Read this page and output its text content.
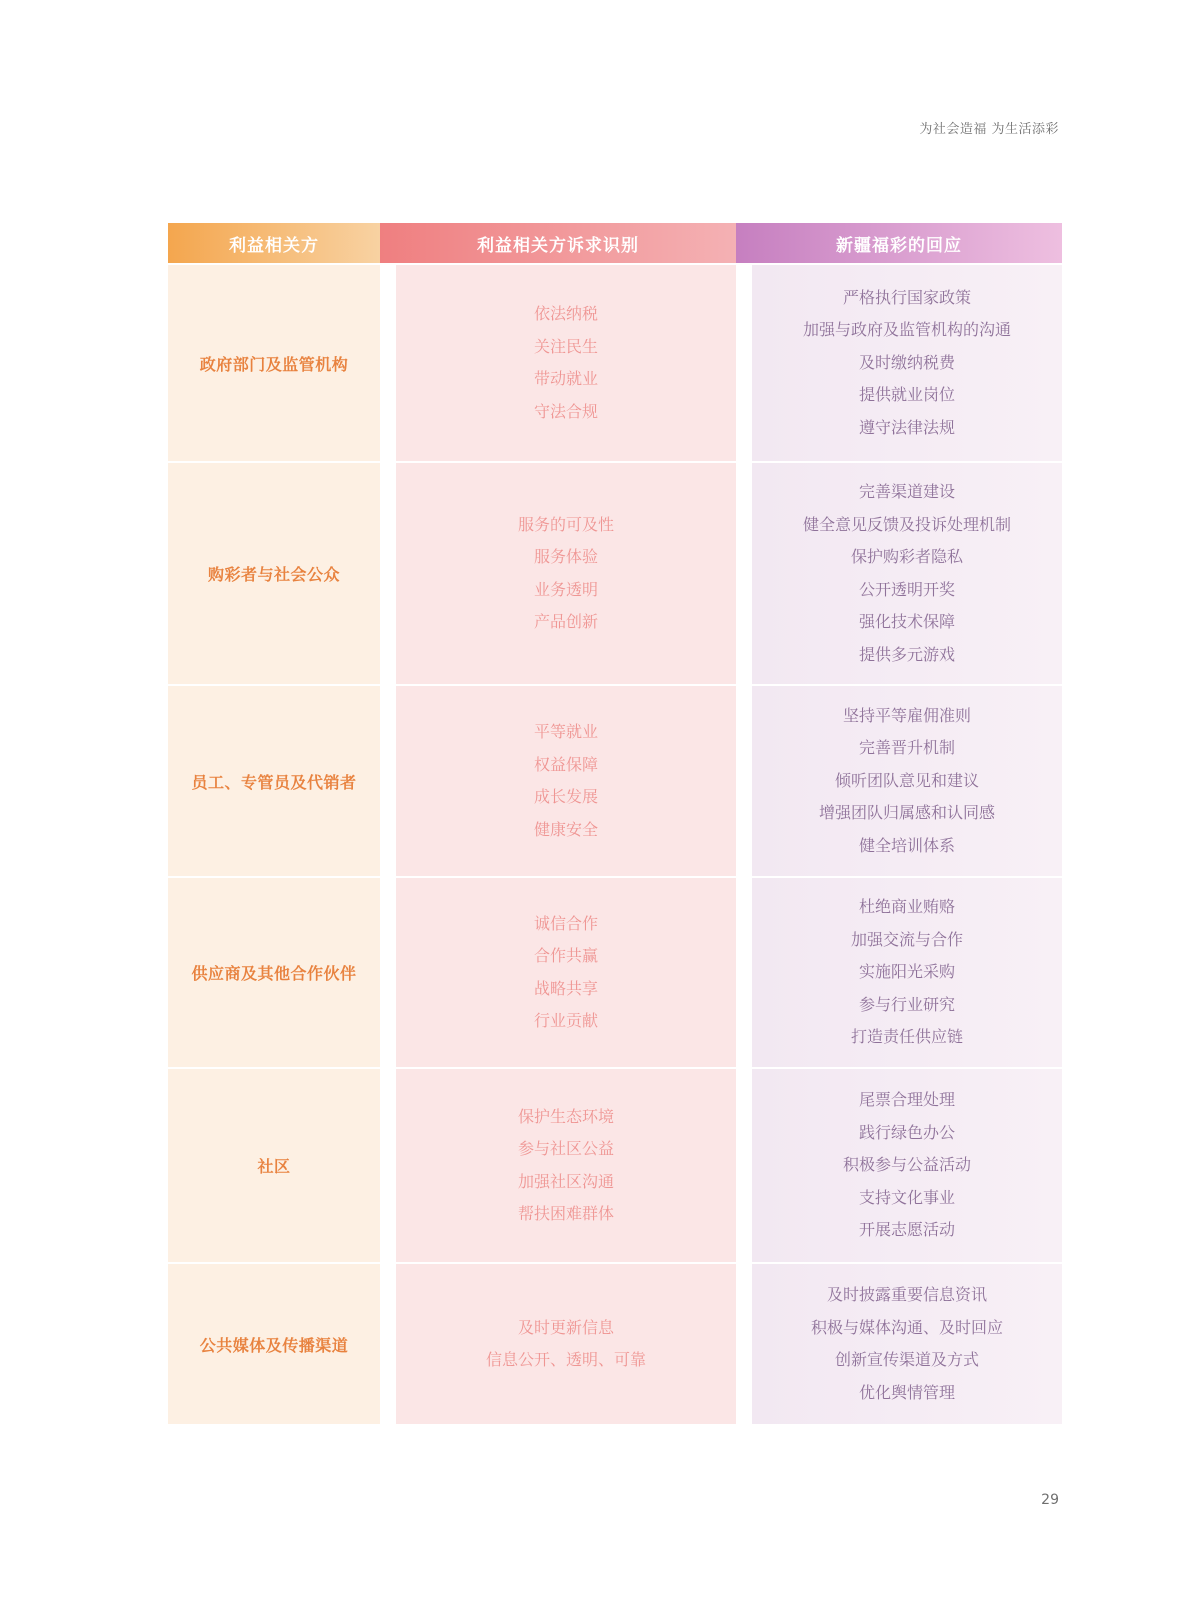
为社会造福 为生活添彩
利益相关方	利益相关方诉求识别	新疆福彩的回应
政府部门及监管机构
依法纳税
关注民生
带动就业
守法合规
严格执行国家政策
加强与政府及监管机构的沟通
及时缴纳税费
提供就业岗位
遵守法律法规
购彩者与社会公众
服务的可及性
服务体验
业务透明
产品创新
完善渠道建设
健全意见反馈及投诉处理机制
保护购彩者隐私
公开透明开奖
强化技术保障
提供多元游戏
员工、专管员及代销者
平等就业
权益保障
成长发展
健康安全
坚持平等雇佣准则
完善晋升机制
倾听团队意见和建议
增强团队归属感和认同感
健全培训体系
供应商及其他合作伙伴
诚信合作
合作共赢
战略共享
行业贡献
杜绝商业贿赂
加强交流与合作
实施阳光采购
参与行业研究
打造责任供应链
社区
保护生态环境
参与社区公益
加强社区沟通
帮扶困难群体
尾票合理处理
践行绿色办公
积极参与公益活动
支持文化事业
开展志愿活动
公共媒体及传播渠道
及时更新信息
信息公开、透明、可靠
及时披露重要信息资讯
积极与媒体沟通、及时回应
创新宣传渠道及方式
优化舆情管理
29
